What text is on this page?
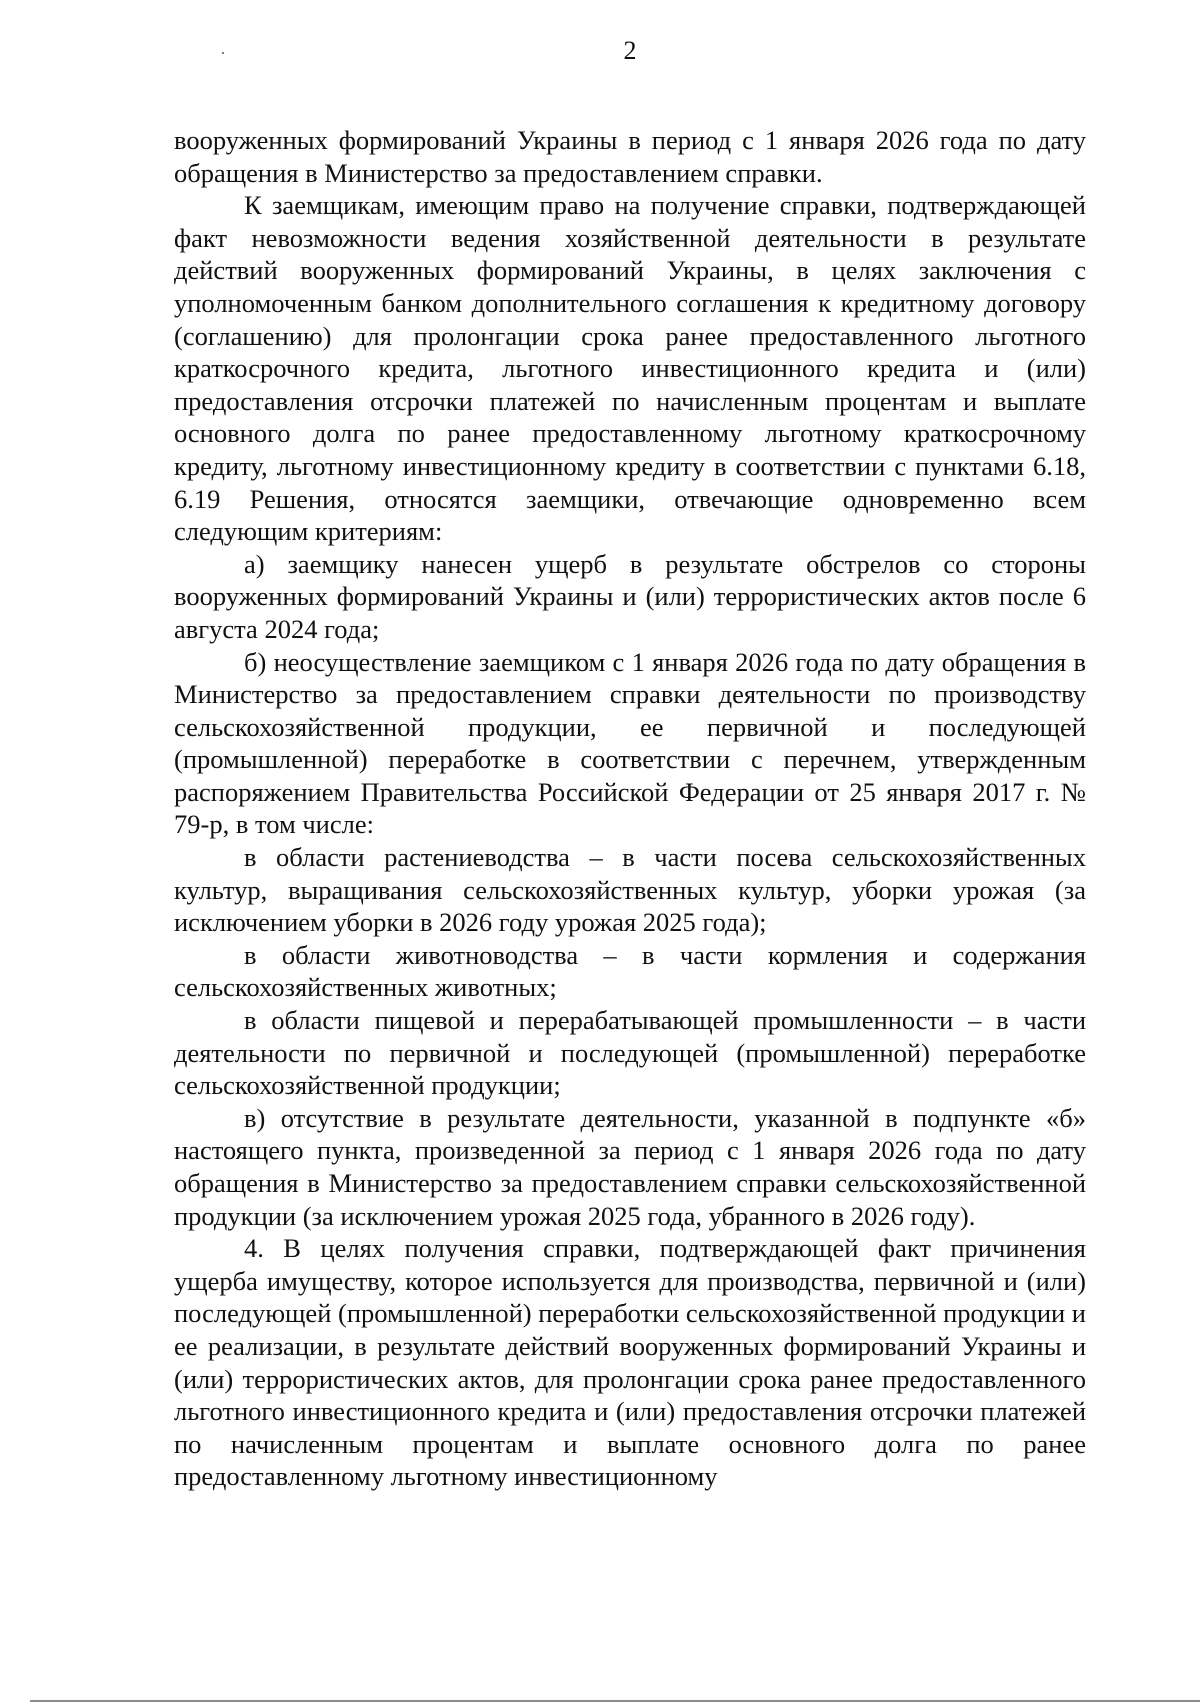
2

вооруженных формирований Украины в период с 1 января 2026 года по дату обращения в Министерство за предоставлением справки.

К заемщикам, имеющим право на получение справки, подтверждающей факт невозможности ведения хозяйственной деятельности в результате действий вооруженных формирований Украины, в целях заключения с уполномоченным банком дополнительного соглашения к кредитному договору (соглашению) для пролонгации срока ранее предоставленного льготного краткосрочного кредита, льготного инвестиционного кредита и (или) предоставления отсрочки платежей по начисленным процентам и выплате основного долга по ранее предоставленному льготному краткосрочному кредиту, льготному инвестиционному кредиту в соответствии с пунктами 6.18, 6.19 Решения, относятся заемщики, отвечающие одновременно всем следующим критериям:

а) заемщику нанесен ущерб в результате обстрелов со стороны вооруженных формирований Украины и (или) террористических актов после 6 августа 2024 года;

б) неосуществление заемщиком с 1 января 2026 года по дату обращения в Министерство за предоставлением справки деятельности по производству сельскохозяйственной продукции, ее первичной и последующей (промышленной) переработке в соответствии с перечнем, утвержденным распоряжением Правительства Российской Федерации от 25 января 2017 г. № 79-р, в том числе:

в области растениеводства – в части посева сельскохозяйственных культур, выращивания сельскохозяйственных культур, уборки урожая (за исключением уборки в 2026 году урожая 2025 года);

в области животноводства – в части кормления и содержания сельскохозяйственных животных;

в области пищевой и перерабатывающей промышленности – в части деятельности по первичной и последующей (промышленной) переработке сельскохозяйственной продукции;

в) отсутствие в результате деятельности, указанной в подпункте «б» настоящего пункта, произведенной за период с 1 января 2026 года по дату обращения в Министерство за предоставлением справки сельскохозяйственной продукции (за исключением урожая 2025 года, убранного в 2026 году).

4. В целях получения справки, подтверждающей факт причинения ущерба имуществу, которое используется для производства, первичной и (или) последующей (промышленной) переработки сельскохозяйственной продукции и ее реализации, в результате действий вооруженных формирований Украины и (или) террористических актов, для пролонгации срока ранее предоставленного льготного инвестиционного кредита и (или) предоставления отсрочки платежей по начисленным процентам и выплате основного долга по ранее предоставленному льготному инвестиционному
